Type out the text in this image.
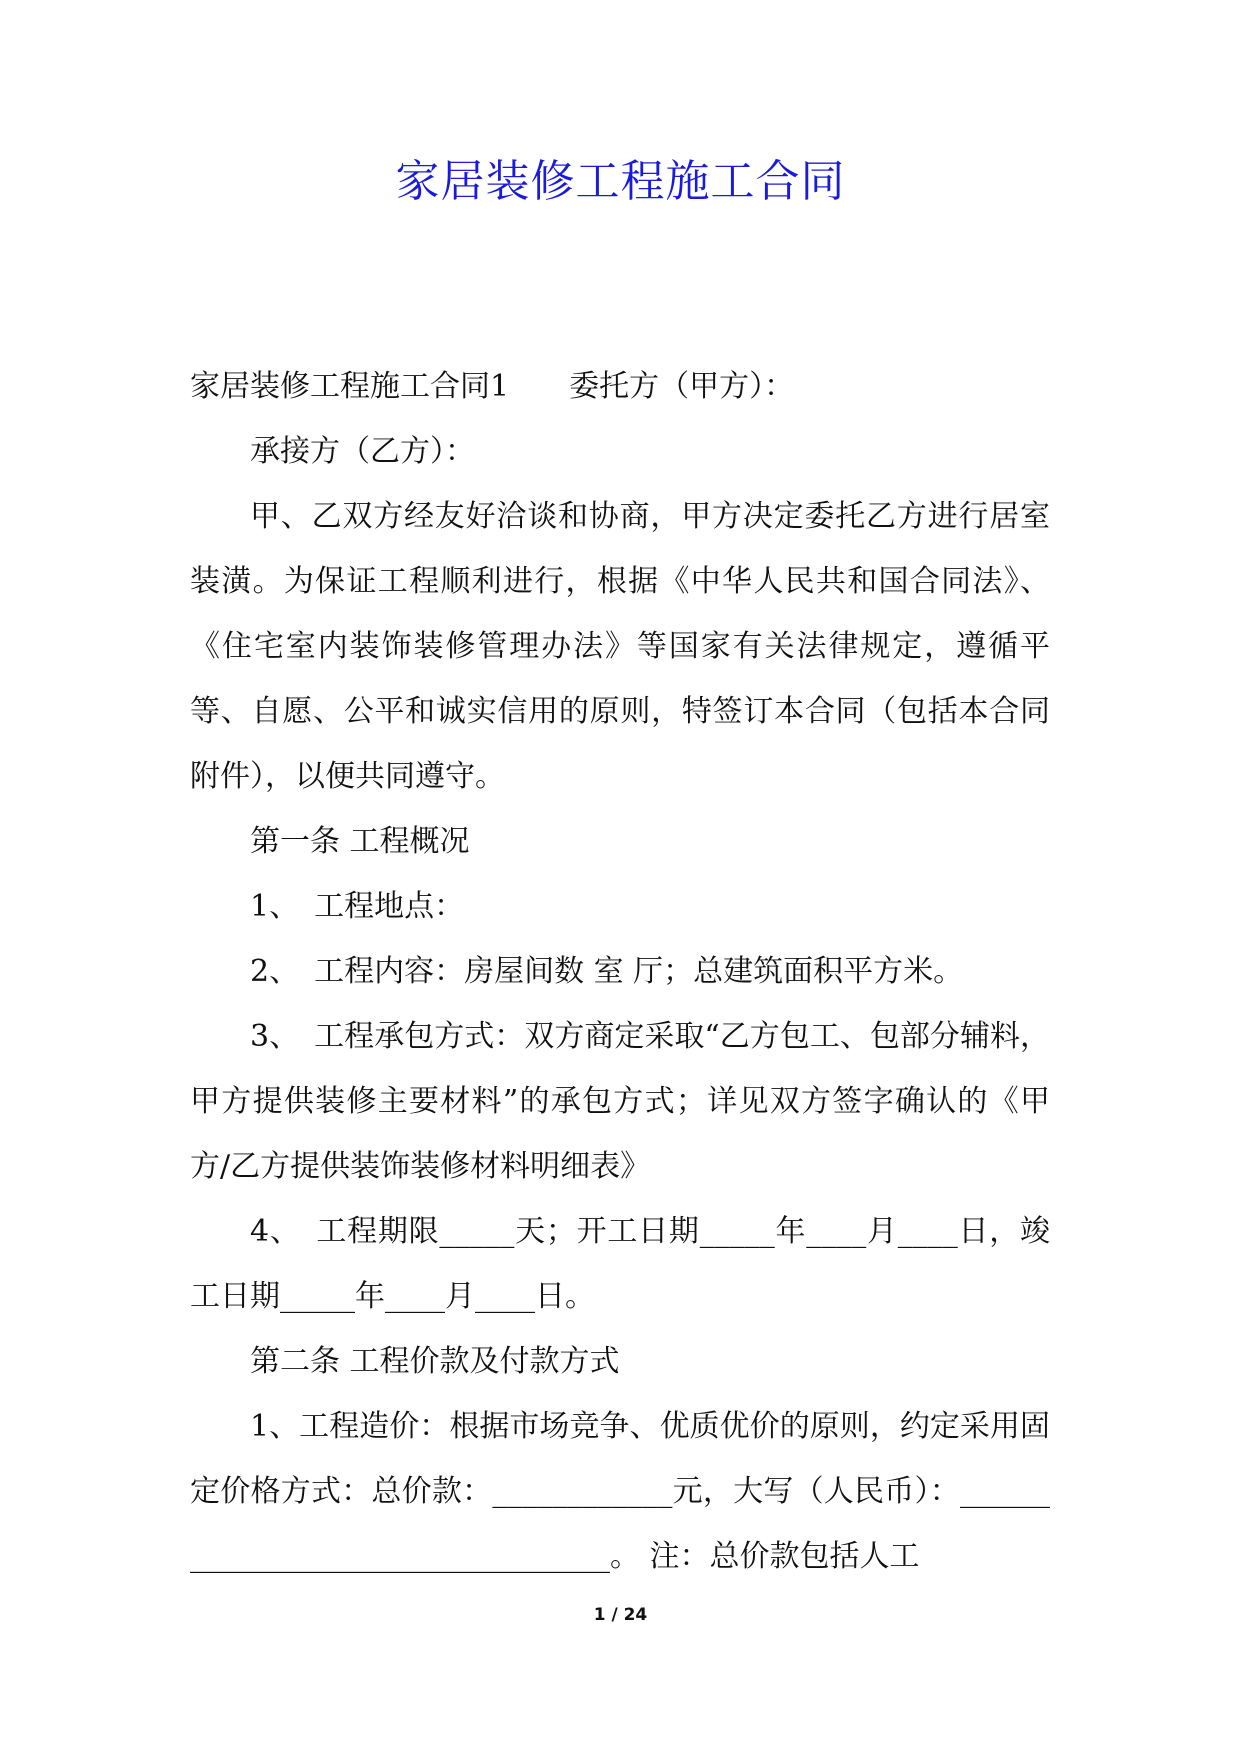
家居装修工程施工合同

家居装修工程施工合同1　　委托方（甲方）：

承接方（乙方）：

甲、乙双方经友好洽谈和协商，甲方决定委托乙方进行居室装潢。为保证工程顺利进行，根据《中华人民共和国合同法》、《住宅室内装饰装修管理办法》等国家有关法律规定，遵循平等、自愿、公平和诚实信用的原则，特签订本合同（包括本合同附件），以便共同遵守。

第一条 工程概况

1、　工程地点：

2、　工程内容：房屋间数 室 厅；总建筑面积平方米。

3、　工程承包方式：双方商定采取“乙方包工、包部分辅料，甲方提供装修主要材料”的承包方式；详见双方签字确认的《甲方/乙方提供装饰装修材料明细表》

4、　工程期限_____天；开工日期_____年____月____日，竣工日期_____年____月____日。

第二条 工程价款及付款方式

1、工程造价：根据市场竞争、优质优价的原则，约定采用固定价格方式：总价款：____________元，大写（人民币）：__________________________________。 注：总价款包括人工

1 / 24
